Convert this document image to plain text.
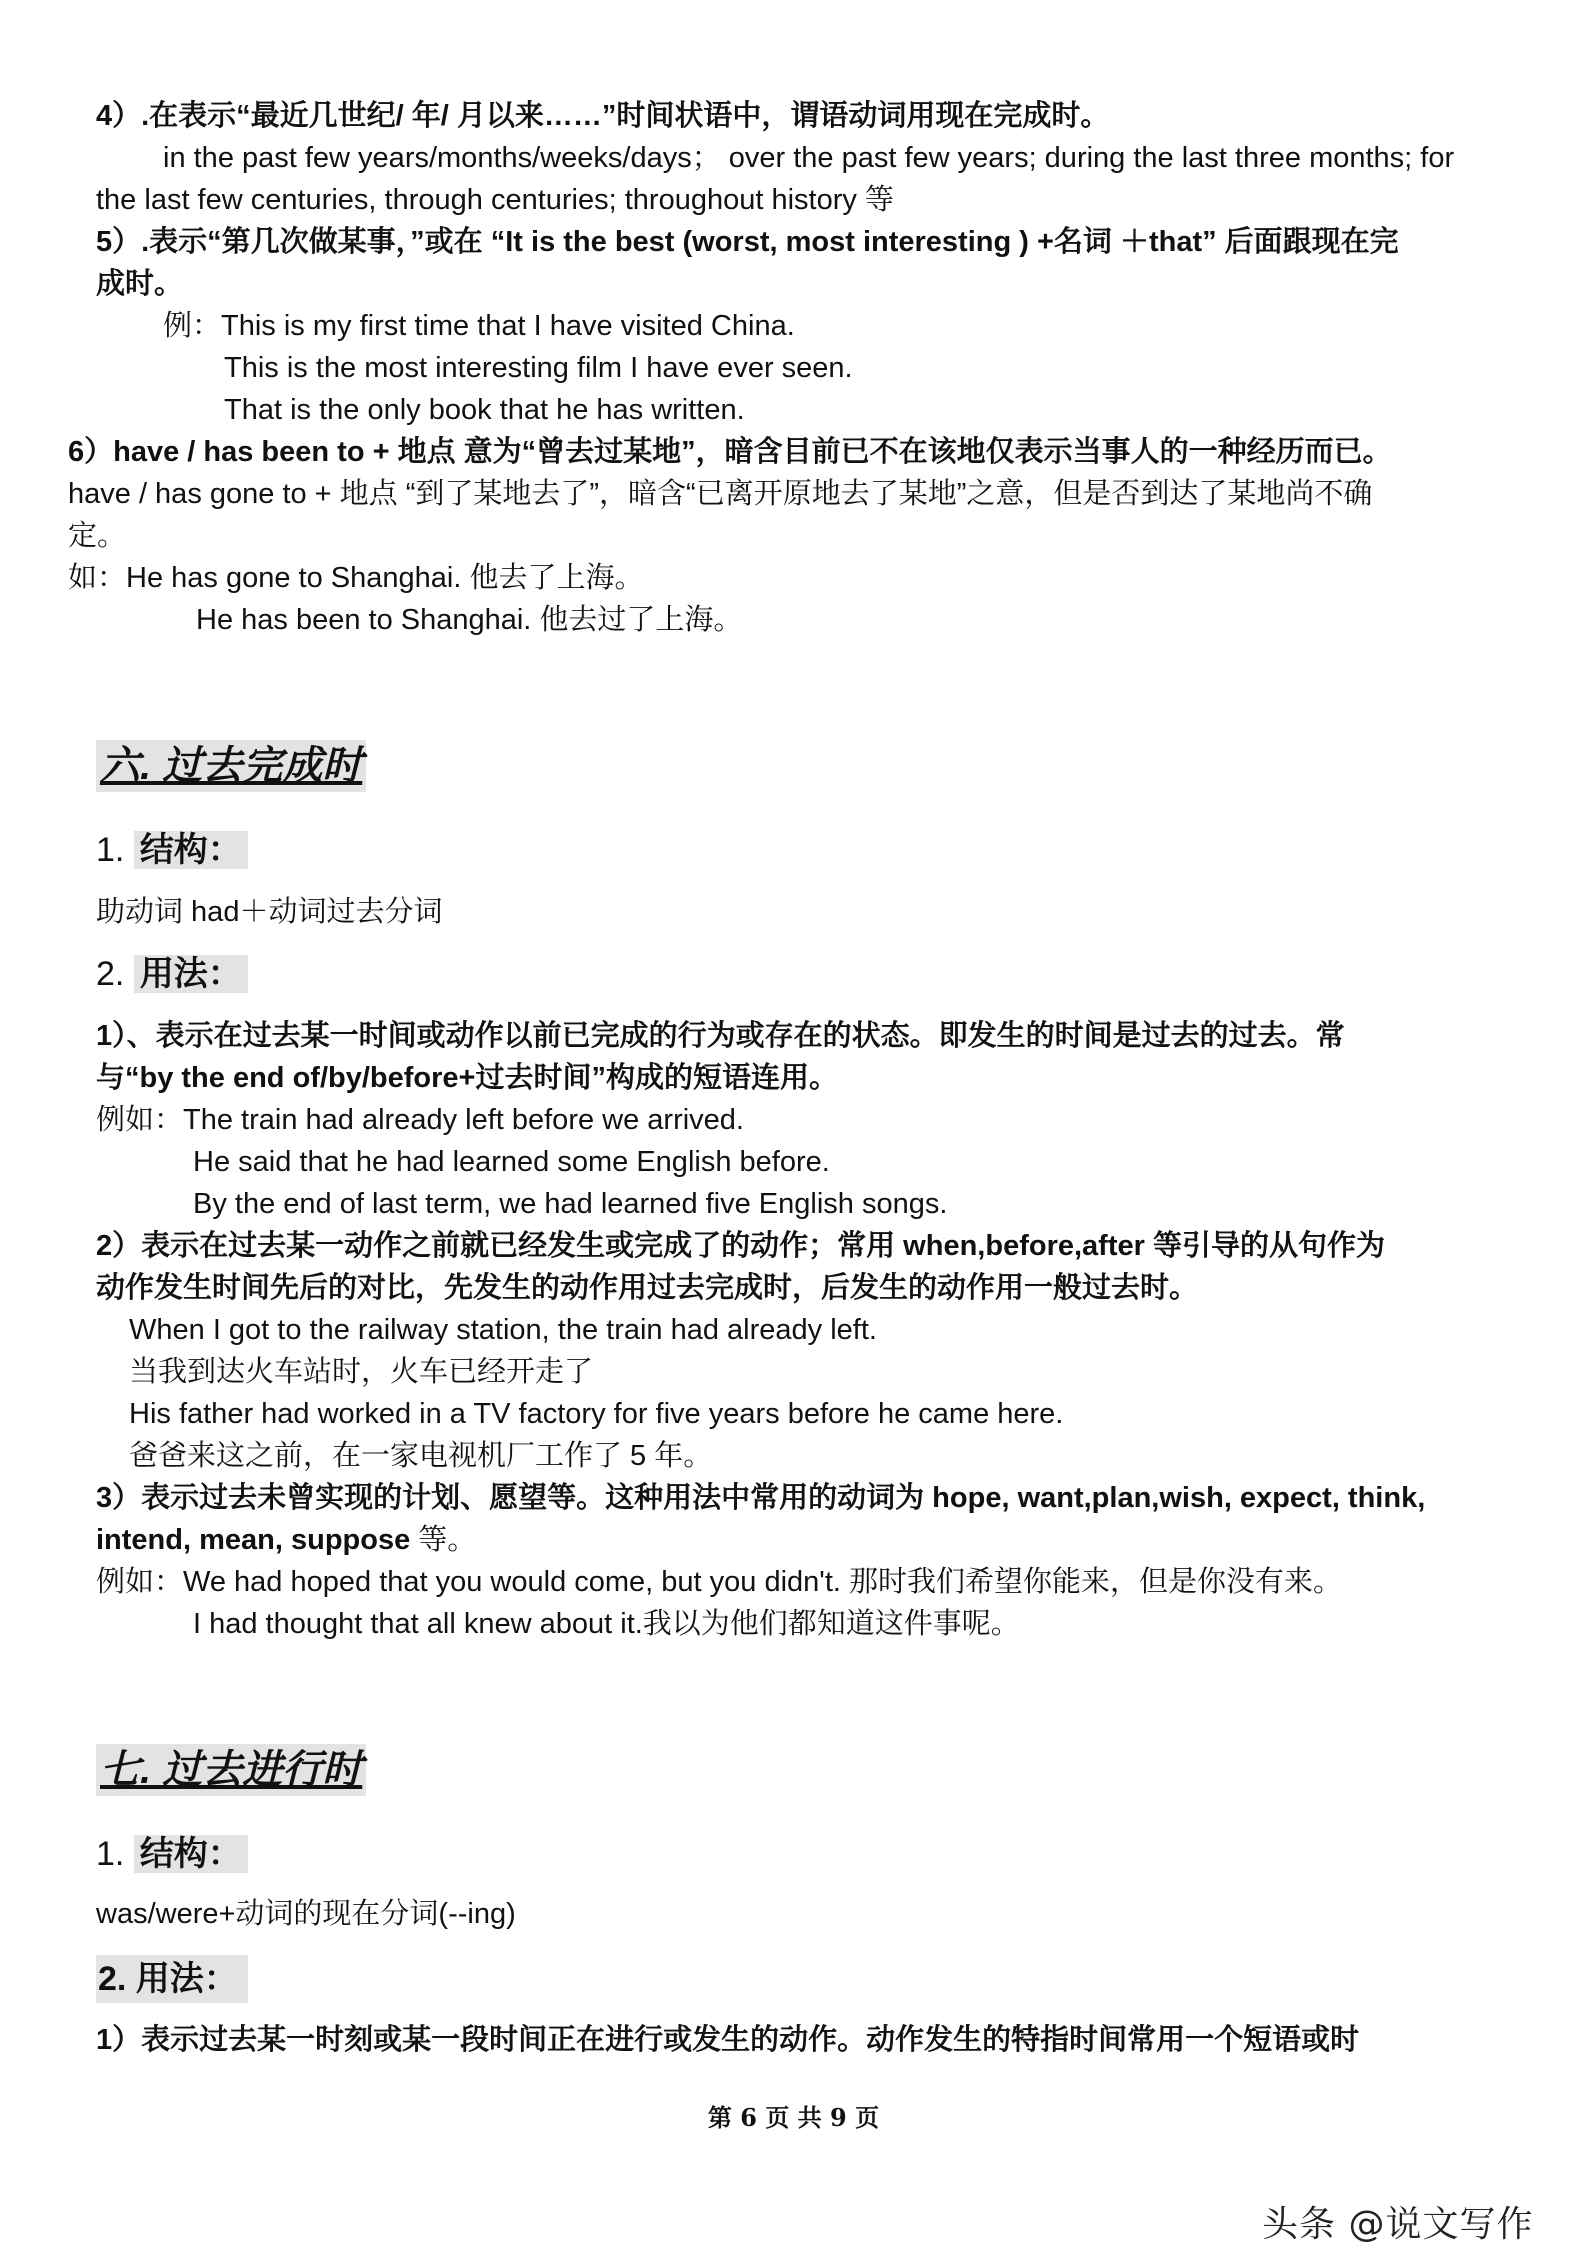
4）.在表示“最近几世纪/ 年/ 月以来……”时间状语中，谓语动词用现在完成时。
in the past few years/months/weeks/days； over the past few years; during the last three months; for
the last few centuries, through centuries; throughout history 等
5）.表示“第几次做某事，”或在 “It is the best (worst, most interesting ) +名词 ＋that” 后面跟现在完
成时。
例：This is my first time that I have visited China.
This is the most interesting film I have ever seen.
That is the only book that he has written.
6）have / has been to + 地点 意为“曾去过某地”，暗含目前已不在该地仅表示当事人的一种经历而已。
have / has gone to + 地点 “到了某地去了”，暗含“已离开原地去了某地”之意，但是否到达了某地尚不确
定。
如：He has gone to Shanghai. 他去了上海。
He has been to Shanghai. 他去过了上海。
六. 过去完成时
1. 结构：
助动词 had＋动词过去分词
2. 用法：
1）、表示在过去某一时间或动作以前已完成的行为或存在的状态。即发生的时间是过去的过去。常
与“by the end of/by/before+过去时间”构成的短语连用。
例如：The train had already left before we arrived.
He said that he had learned some English before.
By the end of last term, we had learned five English songs.
2）表示在过去某一动作之前就已经发生或完成了的动作；常用 when,before,after 等引导的从句作为
动作发生时间先后的对比，先发生的动作用过去完成时，后发生的动作用一般过去时。
When I got to the railway station, the train had already left.
当我到达火车站时，火车已经开走了
His father had worked in a TV factory for five years before he came here.
爸爸来这之前，在一家电视机厂工作了 5 年。
3）表示过去未曾实现的计划、愿望等。这种用法中常用的动词为 hope, want,plan,wish, expect, think,
intend, mean, suppose 等。
例如：We had hoped that you would come, but you didn't. 那时我们希望你能来，但是你没有来。
I had thought that all knew about it.我以为他们都知道这件事呢。
七. 过去进行时
1. 结构：
was/were+动词的现在分词(--ing)
2. 用法：
1）表示过去某一时刻或某一段时间正在进行或发生的动作。动作发生的特指时间常用一个短语或时
第 6 页 共 9 页
头条 @说文写作
